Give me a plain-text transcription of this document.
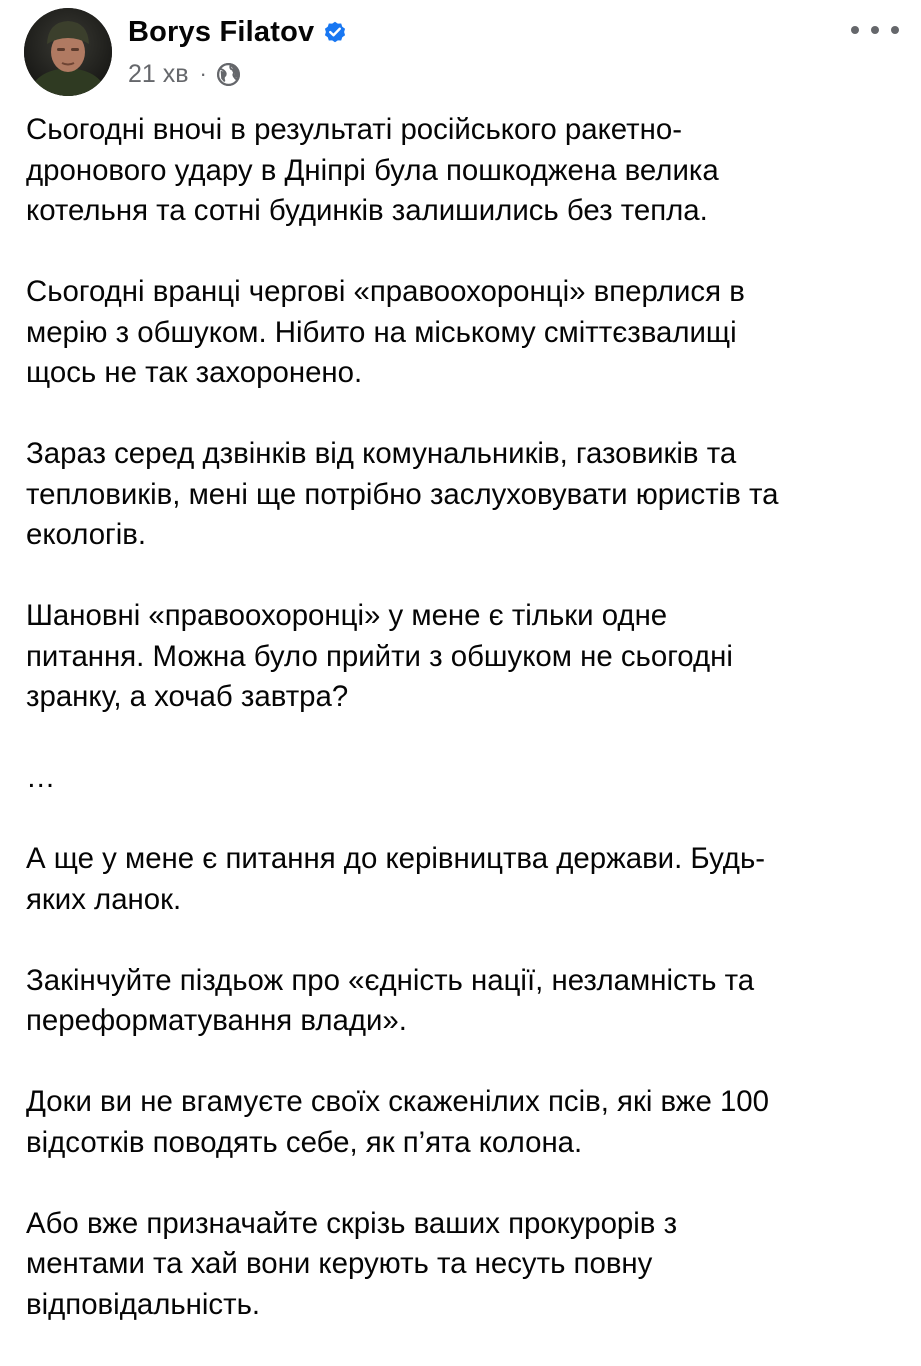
Borys Filatov
21 хв ·

Сьогодні вночі в результаті російського ракетно-
дронового удару в Дніпрі була пошкоджена велика
котельня та сотні будинків залишились без тепла.

Сьогодні вранці чергові «правоохоронці» вперлися в
мерію з обшуком. Нібито на міському сміттєзвалищі
щось не так захоронено.

Зараз серед дзвінків від комунальників, газовиків та
тепловиків, мені ще потрібно заслуховувати юристів та
екологів.

Шановні «правоохоронці» у мене є тільки одне
питання. Можна було прийти з обшуком не сьогодні
зранку, а хочаб завтра?

…

А ще у мене є питання до керівництва держави. Будь-
яких ланок.

Закінчуйте піздьож про «єдність нації, незламність та
переформатування влади».

Доки ви не вгамуєте своїх скаженілих псів, які вже 100
відсотків поводять себе, як п’ята колона.

Або вже призначайте скрізь ваших прокурорів з
ментами та хай вони керують та несуть повну
відповідальність.
